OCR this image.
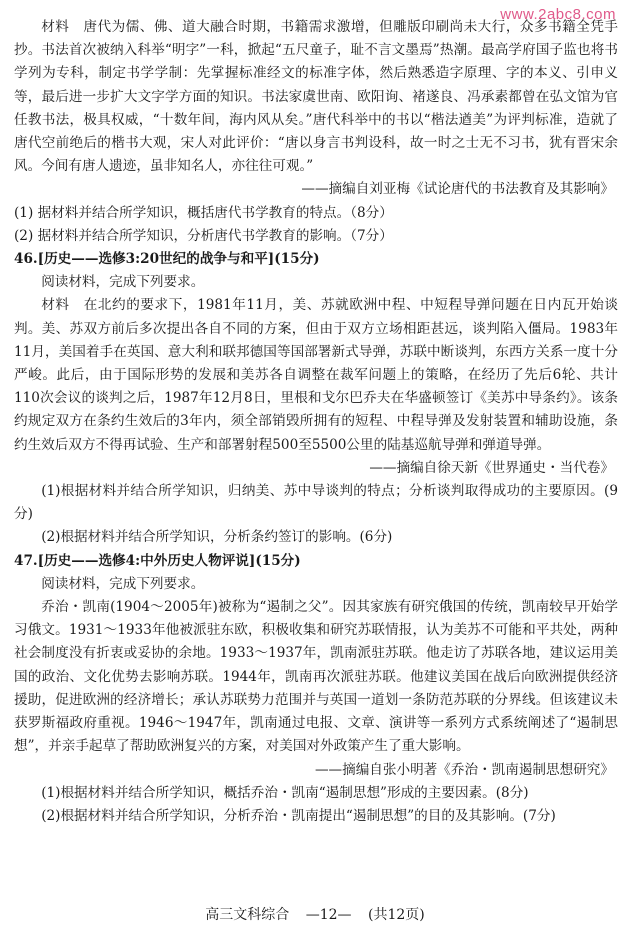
www.2abc8.com

材料　唐代为儒、佛、道大融合时期，书籍需求激增，但雕版印刷尚未大行，众多书籍全凭手抄。书法首次被纳入科举“明字”一科，掀起“五尺童子，耻不言文墨焉”热潮。最高学府国子监也将书学列为专科，制定书学学制：先掌握标准经文的标准字体，然后熟悉造字原理、字的本义、引申义等，最后进一步扩大文字学方面的知识。书法家虞世南、欧阳询、褚遂良、冯承素都曾在弘文馆为官任教书法，极具权威，“十数年间，海内风从矣。”唐代科举中的书以“楷法遒美”为评判标准，造就了唐代空前绝后的楷书大观，宋人对此评价：“唐以身言书判设科，故一时之士无不习书，犹有晋宋余风。今间有唐人遗迹，虽非知名人，亦往往可观。”

——摘编自刘亚梅《试论唐代的书法教育及其影响》

(1) 据材料并结合所学知识，概括唐代书学教育的特点。（8分）

(2) 据材料并结合所学知识，分析唐代书学教育的影响。（7分）

46.[历史——选修3:20世纪的战争与和平](15分)

阅读材料，完成下列要求。

材料　在北约的要求下，1981年11月，美、苏就欧洲中程、中短程导弹问题在日内瓦开始谈判。美、苏双方前后多次提出各自不同的方案，但由于双方立场相距甚远，谈判陷入僵局。1983年11月，美国着手在英国、意大利和联邦德国等国部署新式导弹，苏联中断谈判，东西方关系一度十分严峻。此后，由于国际形势的发展和美苏各自调整在裁军问题上的策略，在经历了先后6轮、共计110次会议的谈判之后，1987年12月8日，里根和戈尔巴乔夫在华盛顿签订《美苏中导条约》。该条约规定双方在条约生效后的3年内，须全部销毁所拥有的短程、中程导弹及发射装置和辅助设施，条约生效后双方不得再试验、生产和部署射程500至5500公里的陆基巡航导弹和弹道导弹。

——摘编自徐天新《世界通史・当代卷》

(1)根据材料并结合所学知识，归纳美、苏中导谈判的特点；分析谈判取得成功的主要原因。(9分)

(2)根据材料并结合所学知识，分析条约签订的影响。(6分)

47.[历史——选修4:中外历史人物评说](15分)

阅读材料，完成下列要求。

乔治・凯南(1904～2005年)被称为“遏制之父”。因其家族有研究俄国的传统，凯南较早开始学习俄文。1931～1933年他被派驻东欧，积极收集和研究苏联情报，认为美苏不可能和平共处，两种社会制度没有折衷或妥协的余地。1933～1937年，凯南派驻苏联。他走访了苏联各地，建议运用美国的政治、文化优势去影响苏联。1944年，凯南再次派驻苏联。他建议美国在战后向欧洲提供经济援助，促进欧洲的经济增长；承认苏联势力范围并与英国一道划一条防范苏联的分界线。但该建议未获罗斯福政府重视。1946～1947年，凯南通过电报、文章、演讲等一系列方式系统阐述了“遏制思想”，并亲手起草了帮助欧洲复兴的方案，对美国对外政策产生了重大影响。

——摘编自张小明著《乔治・凯南遏制思想研究》

(1)根据材料并结合所学知识，概括乔治・凯南“遏制思想”形成的主要因素。(8分)

(2)根据材料并结合所学知识，分析乔治・凯南提出“遏制思想”的目的及其影响。(7分)

高三文科综合 —12— (共12页)
